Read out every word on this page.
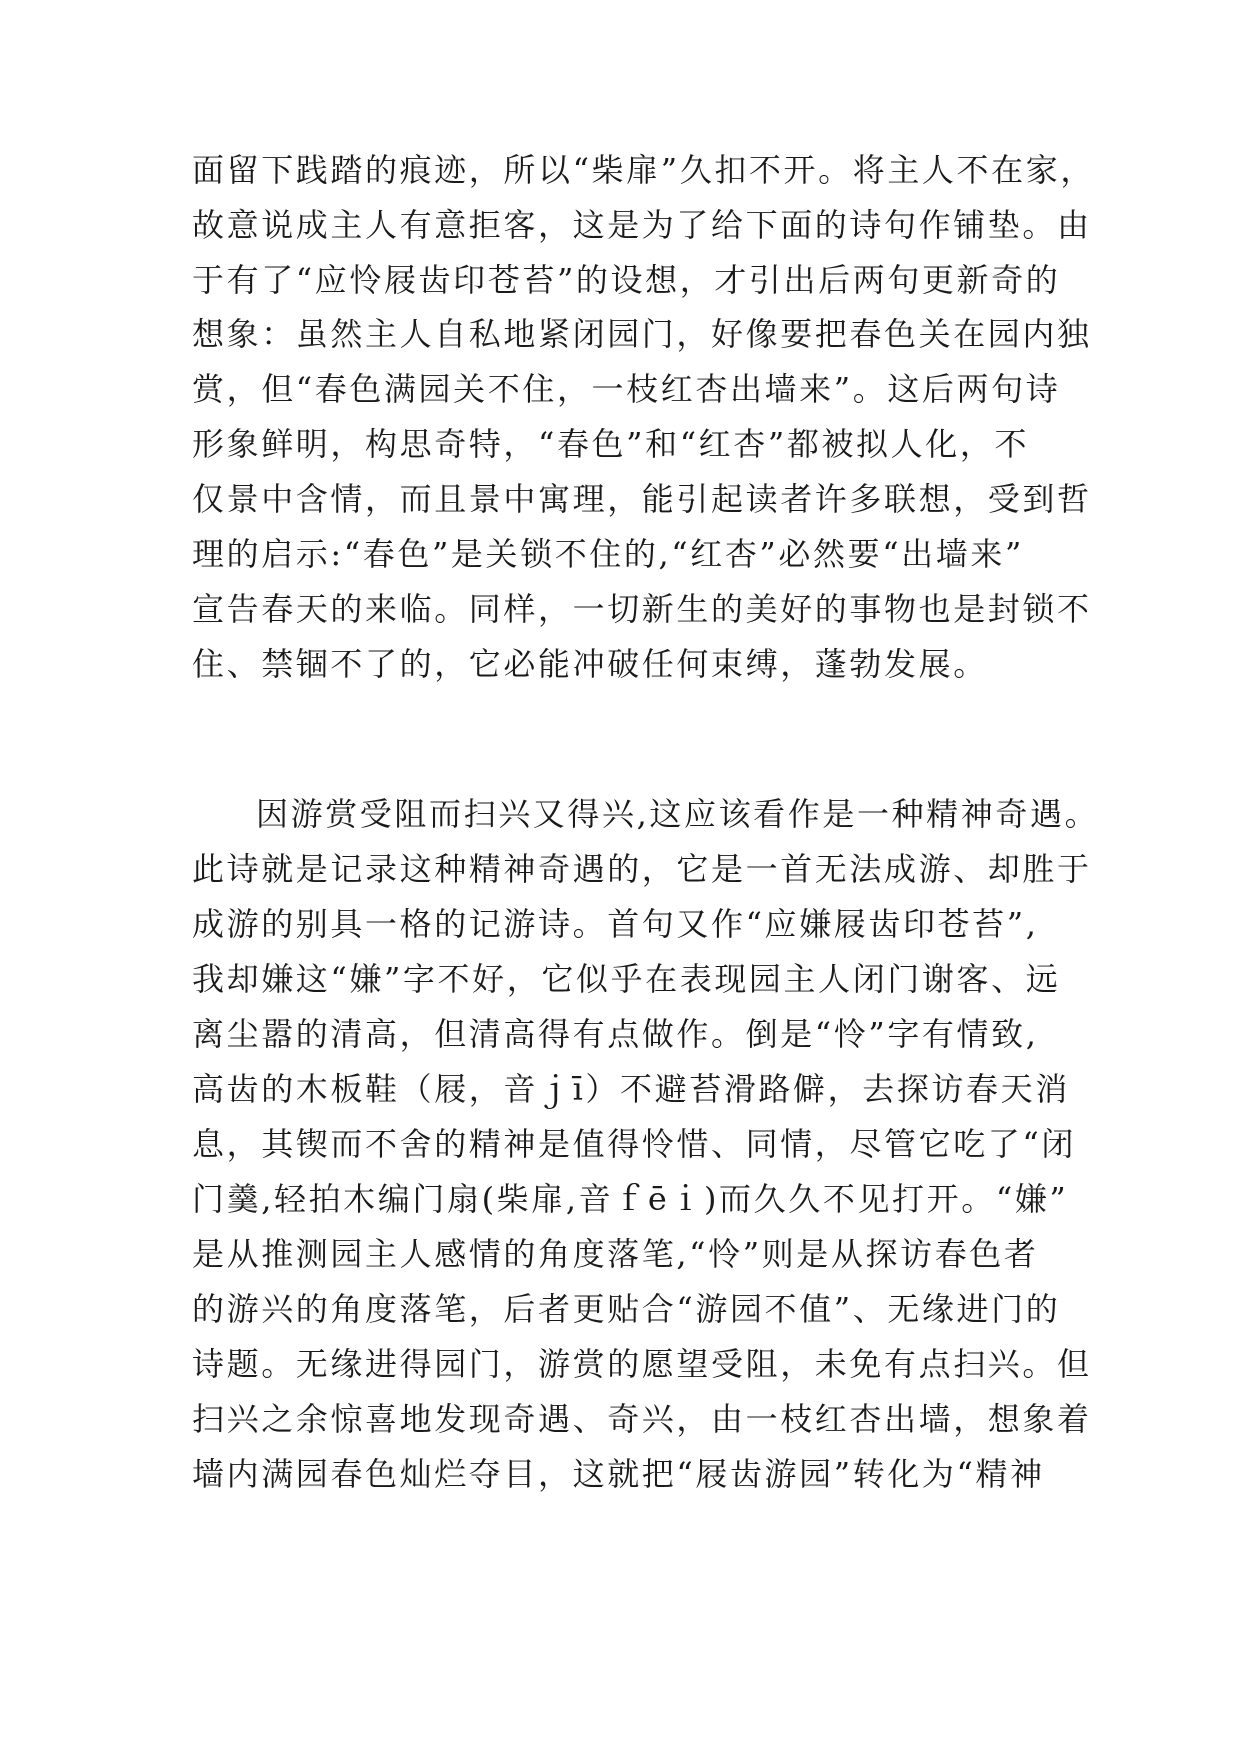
面留下践踏的痕迹，所以“柴扉”久扣不开。将主人不在家，
故意说成主人有意拒客，这是为了给下面的诗句作铺垫。由
于有了“应怜屐齿印苍苔”的设想，才引出后两句更新奇的
想象：虽然主人自私地紧闭园门，好像要把春色关在园内独
赏，但“春色满园关不住，一枝红杏出墙来”。这后两句诗
形象鲜明，构思奇特，“春色”和“红杏”都被拟人化，不
仅景中含情，而且景中寓理，能引起读者许多联想，受到哲
理的启示:“春色”是关锁不住的,“红杏”必然要“出墙来”
宣告春天的来临。同样，一切新生的美好的事物也是封锁不
住、禁锢不了的，它必能冲破任何束缚，蓬勃发展。
因游赏受阻而扫兴又得兴,这应该看作是一种精神奇遇。
此诗就是记录这种精神奇遇的，它是一首无法成游、却胜于
成游的别具一格的记游诗。首句又作“应嫌屐齿印苍苔”,
我却嫌这“嫌”字不好，它似乎在表现园主人闭门谢客、远
离尘嚣的清高，但清高得有点做作。倒是“怜”字有情致,
高齿的木板鞋（屐，音ｊī）不避苔滑路僻，去探访春天消
息，其锲而不舍的精神是值得怜惜、同情，尽管它吃了“闭
门羹,轻拍木编门扇(柴扉,音ｆēｉ)而久久不见打开。“嫌”
是从推测园主人感情的角度落笔,“怜”则是从探访春色者
的游兴的角度落笔，后者更贴合“游园不值”、无缘进门的
诗题。无缘进得园门，游赏的愿望受阻，未免有点扫兴。但
扫兴之余惊喜地发现奇遇、奇兴，由一枝红杏出墙，想象着
墙内满园春色灿烂夺目，这就把“屐齿游园”转化为“精神
